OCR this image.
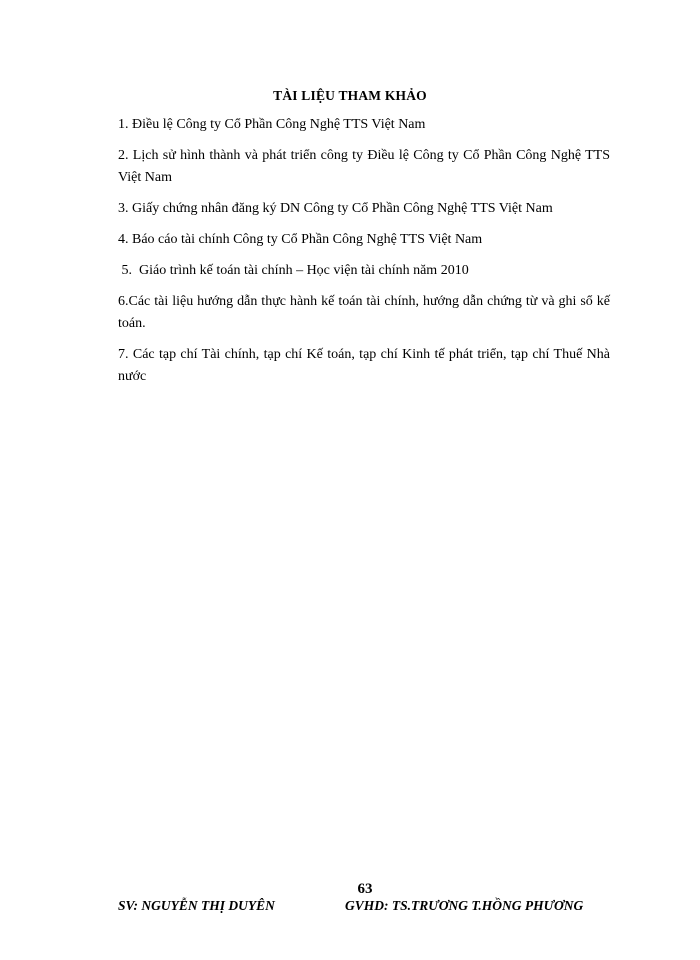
TÀI LIỆU THAM KHẢO

1. Điều lệ Công ty Cổ Phần Công Nghệ TTS Việt Nam

2. Lịch sử hình thành và phát triển công ty Điều lệ Công ty Cổ Phần Công Nghệ TTS Việt Nam

3. Giấy chứng nhân đăng ký DN Công ty Cổ Phần Công Nghệ TTS Việt Nam

4. Báo cáo tài chính Công ty Cổ Phần Công Nghệ TTS Việt Nam

5.  Giáo trình kế toán tài chính – Học viện tài chính năm 2010

6.Các tài liệu hướng dẫn thực hành kế toán tài chính, hướng dẫn chứng từ và ghi sổ kế toán.

7. Các tạp chí Tài chính, tạp chí Kế toán, tạp chí Kinh tế phát triển, tạp chí Thuế Nhà nước

63
SV: NGUYỄN THỊ DUYÊN	GVHD: TS.TRƯƠNG T.HỒNG PHƯƠNG
